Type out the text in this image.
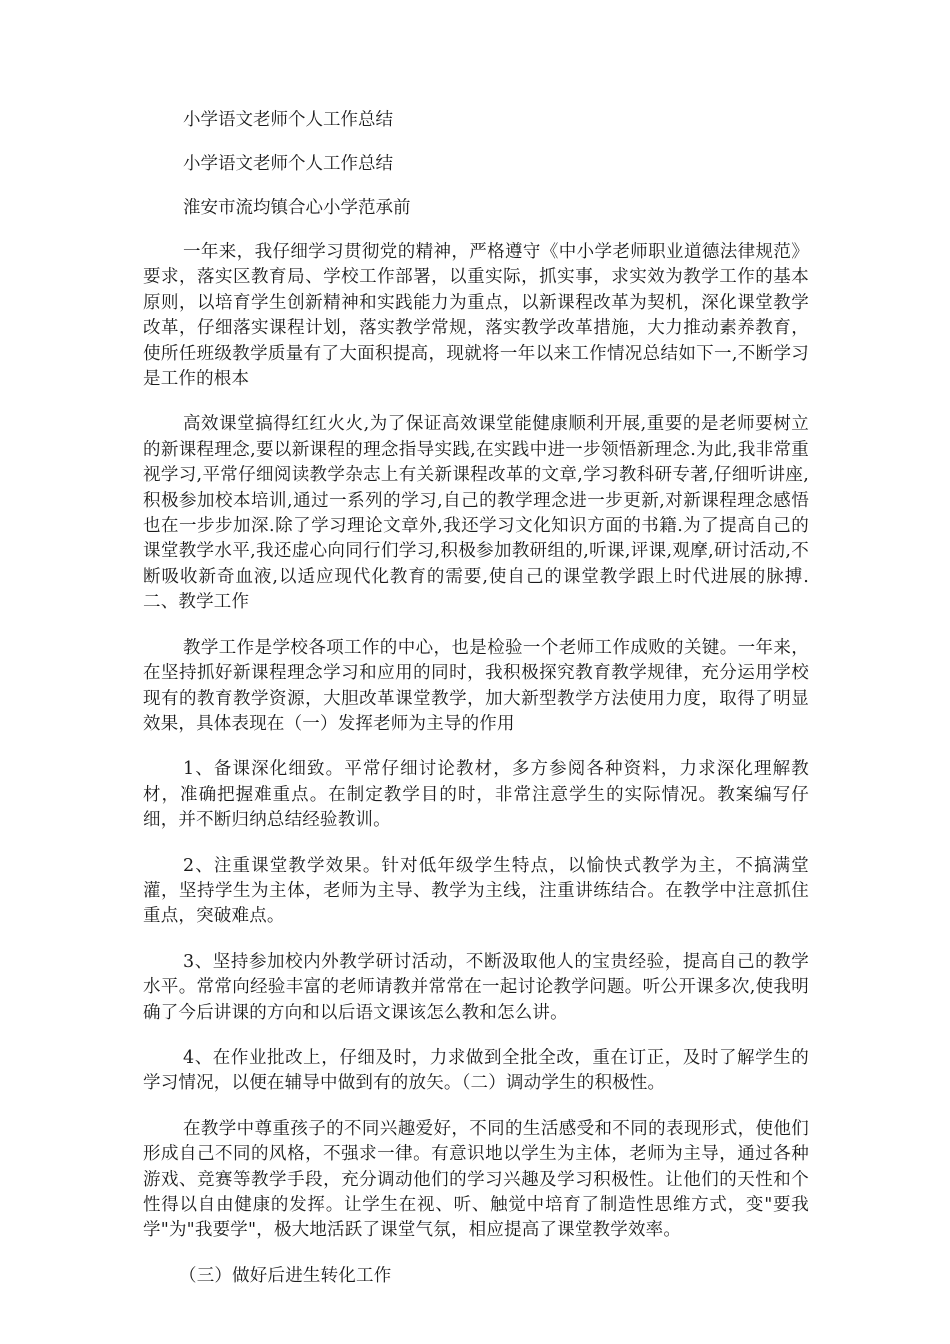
小学语文老师个人工作总结

小学语文老师个人工作总结

淮安市流均镇合心小学范承前

一年来，我仔细学习贯彻党的精神，严格遵守《中小学老师职业道德法律规范》要求，落实区教育局、学校工作部署，以重实际，抓实事，求实效为教学工作的基本原则，以培育学生创新精神和实践能力为重点，以新课程改革为契机，深化课堂教学改革，仔细落实课程计划，落实教学常规，落实教学改革措施，大力推动素养教育，使所任班级教学质量有了大面积提高，现就将一年以来工作情况总结如下一,不断学习是工作的根本

高效课堂搞得红红火火,为了保证高效课堂能健康顺利开展,重要的是老师要树立的新课程理念,要以新课程的理念指导实践,在实践中进一步领悟新理念.为此,我非常重视学习,平常仔细阅读教学杂志上有关新课程改革的文章,学习教科研专著,仔细听讲座,积极参加校本培训,通过一系列的学习,自己的教学理念进一步更新,对新课程理念感悟也在一步步加深.除了学习理论文章外,我还学习文化知识方面的书籍.为了提高自己的课堂教学水平,我还虚心向同行们学习,积极参加教研组的,听课,评课,观摩,研讨活动,不断吸收新奇血液,以适应现代化教育的需要,使自己的课堂教学跟上时代进展的脉搏.二、教学工作

教学工作是学校各项工作的中心，也是检验一个老师工作成败的关键。一年来，在坚持抓好新课程理念学习和应用的同时，我积极探究教育教学规律，充分运用学校现有的教育教学资源，大胆改革课堂教学，加大新型教学方法使用力度，取得了明显效果，具体表现在（一）发挥老师为主导的作用

1、备课深化细致。平常仔细讨论教材，多方参阅各种资料，力求深化理解教材，准确把握难重点。在制定教学目的时，非常注意学生的实际情况。教案编写仔细，并不断归纳总结经验教训。

2、注重课堂教学效果。针对低年级学生特点，以愉快式教学为主，不搞满堂灌，坚持学生为主体，老师为主导、教学为主线，注重讲练结合。在教学中注意抓住重点，突破难点。

3、坚持参加校内外教学研讨活动，不断汲取他人的宝贵经验，提高自己的教学水平。常常向经验丰富的老师请教并常常在一起讨论教学问题。听公开课多次,使我明确了今后讲课的方向和以后语文课该怎么教和怎么讲。

4、在作业批改上，仔细及时，力求做到全批全改，重在订正，及时了解学生的学习情况，以便在辅导中做到有的放矢。（二）调动学生的积极性。

在教学中尊重孩子的不同兴趣爱好，不同的生活感受和不同的表现形式，使他们形成自己不同的风格，不强求一律。有意识地以学生为主体，老师为主导，通过各种游戏、竞赛等教学手段，充分调动他们的学习兴趣及学习积极性。让他们的天性和个性得以自由健康的发挥。让学生在视、听、触觉中培育了制造性思维方式，变"要我学"为"我要学"，极大地活跃了课堂气氛，相应提高了课堂教学效率。

（三）做好后进生转化工作
